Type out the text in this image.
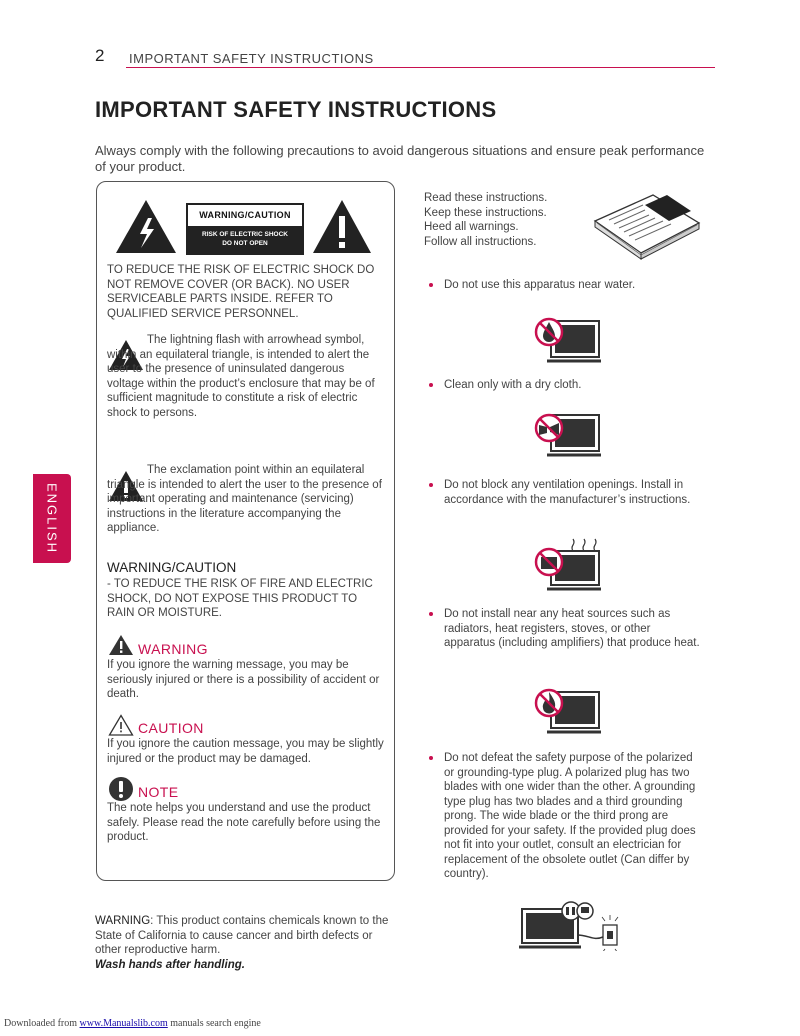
2 IMPORTANT SAFETY INSTRUCTIONS
IMPORTANT SAFETY INSTRUCTIONS
Always comply with the following precautions to avoid dangerous situations and ensure peak performance of your product.
ENGLISH
WARNING/CAUTION
RISK OF ELECTRIC SHOCK
DO NOT OPEN
TO REDUCE THE RISK OF ELECTRIC SHOCK DO NOT REMOVE COVER (OR BACK). NO USER SERVICEABLE PARTS INSIDE. REFER TO QUALIFIED SERVICE PERSONNEL.
The lightning flash with arrowhead symbol, within an equilateral triangle, is intended to alert the user to the presence of uninsulated dangerous voltage within the product’s enclosure that may be of sufficient magnitude to constitute a risk of electric shock to persons.
The exclamation point within an equilateral triangle is intended to alert the user to the presence of important operating and maintenance (servicing) instructions in the literature accompanying the appliance.
WARNING/CAUTION
- TO REDUCE THE RISK OF FIRE AND ELECTRIC SHOCK, DO NOT EXPOSE THIS PRODUCT TO RAIN OR MOISTURE.
WARNING
If you ignore the warning message, you may be seriously injured or there is a possibility of accident or death.
CAUTION
If you ignore the caution message, you may be slightly injured or the product may be damaged.
NOTE
The note helps you understand and use the product safely. Please read the note carefully before using the product.
WARNING: This product contains chemicals known to the State of California to cause cancer and birth defects or other reproductive harm.
Wash hands after handling.
Read these instructions.
Keep these instructions.
Heed all warnings.
Follow all instructions.
Do not use this apparatus near water.
Clean only with a dry cloth.
Do not block any ventilation openings. Install in accordance with the manufacturer’s instructions.
Do not install near any heat sources such as radiators, heat registers, stoves, or other apparatus (including amplifiers) that produce heat.
Do not defeat the safety purpose of the polarized or grounding-type plug. A polarized plug has two blades with one wider than the other. A grounding type plug has two blades and a third grounding prong. The wide blade or the third prong are provided for your safety. If the provided plug does not fit into your outlet, consult an electrician for replacement of the obsolete outlet (Can differ by country).
Downloaded from www.Manualslib.com manuals search engine
